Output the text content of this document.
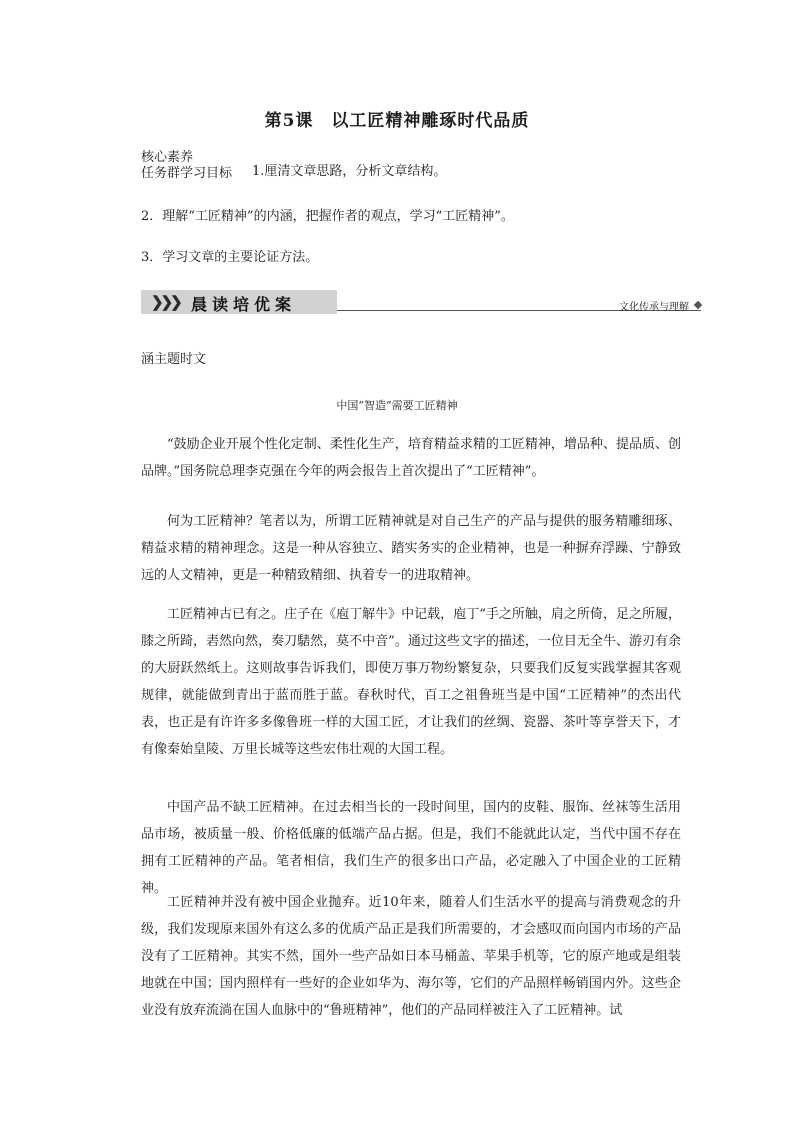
第5课　以工匠精神雕琢时代品质
核心素养
任务群学习目标 1.厘清文章思路，分析文章结构。
2．理解“工匠精神”的内涵，把握作者的观点，学习“工匠精神”。
3．学习文章的主要论证方法。
❯❯❯ 晨读培优案	文化传承与理解
涵主题时文
中国“智造”需要工匠精神

“鼓励企业开展个性化定制、柔性化生产，培育精益求精的工匠精神，增品种、提品质、创品牌。”国务院总理李克强在今年的两会报告上首次提出了“工匠精神”。

何为工匠精神？笔者以为，所谓工匠精神就是对自己生产的产品与提供的服务精雕细琢、精益求精的精神理念。这是一种从容独立、踏实务实的企业精神，也是一种摒弃浮躁、宁静致远的人文精神，更是一种精致精细、执着专一的进取精神。

工匠精神古已有之。庄子在《庖丁解牛》中记载，庖丁“手之所触，肩之所倚，足之所履，膝之所踦，砉然向然，奏刀騞然，莫不中音”。通过这些文字的描述，一位目无全牛、游刃有余的大厨跃然纸上。这则故事告诉我们，即使万事万物纷繁复杂，只要我们反复实践掌握其客观规律，就能做到青出于蓝而胜于蓝。春秋时代，百工之祖鲁班当是中国“工匠精神”的杰出代表，也正是有许许多多像鲁班一样的大国工匠，才让我们的丝绸、瓷器、茶叶等享誉天下，才有像秦始皇陵、万里长城等这些宏伟壮观的大国工程。

中国产品不缺工匠精神。在过去相当长的一段时间里，国内的皮鞋、服饰、丝袜等生活用品市场，被质量一般、价格低廉的低端产品占据。但是，我们不能就此认定，当代中国不存在拥有工匠精神的产品。笔者相信，我们生产的很多出口产品，必定融入了中国企业的工匠精神。

工匠精神并没有被中国企业抛弃。近10年来，随着人们生活水平的提高与消费观念的升级，我们发现原来国外有这么多的优质产品正是我们所需要的，才会感叹而向国内市场的产品没有了工匠精神。其实不然，国外一些产品如日本马桶盖、苹果手机等，它的原产地或是组装地就在中国；国内照样有一些好的企业如华为、海尔等，它们的产品照样畅销国内外。这些企业没有放弃流淌在国人血脉中的“鲁班精神”，他们的产品同样被注入了工匠精神。试
